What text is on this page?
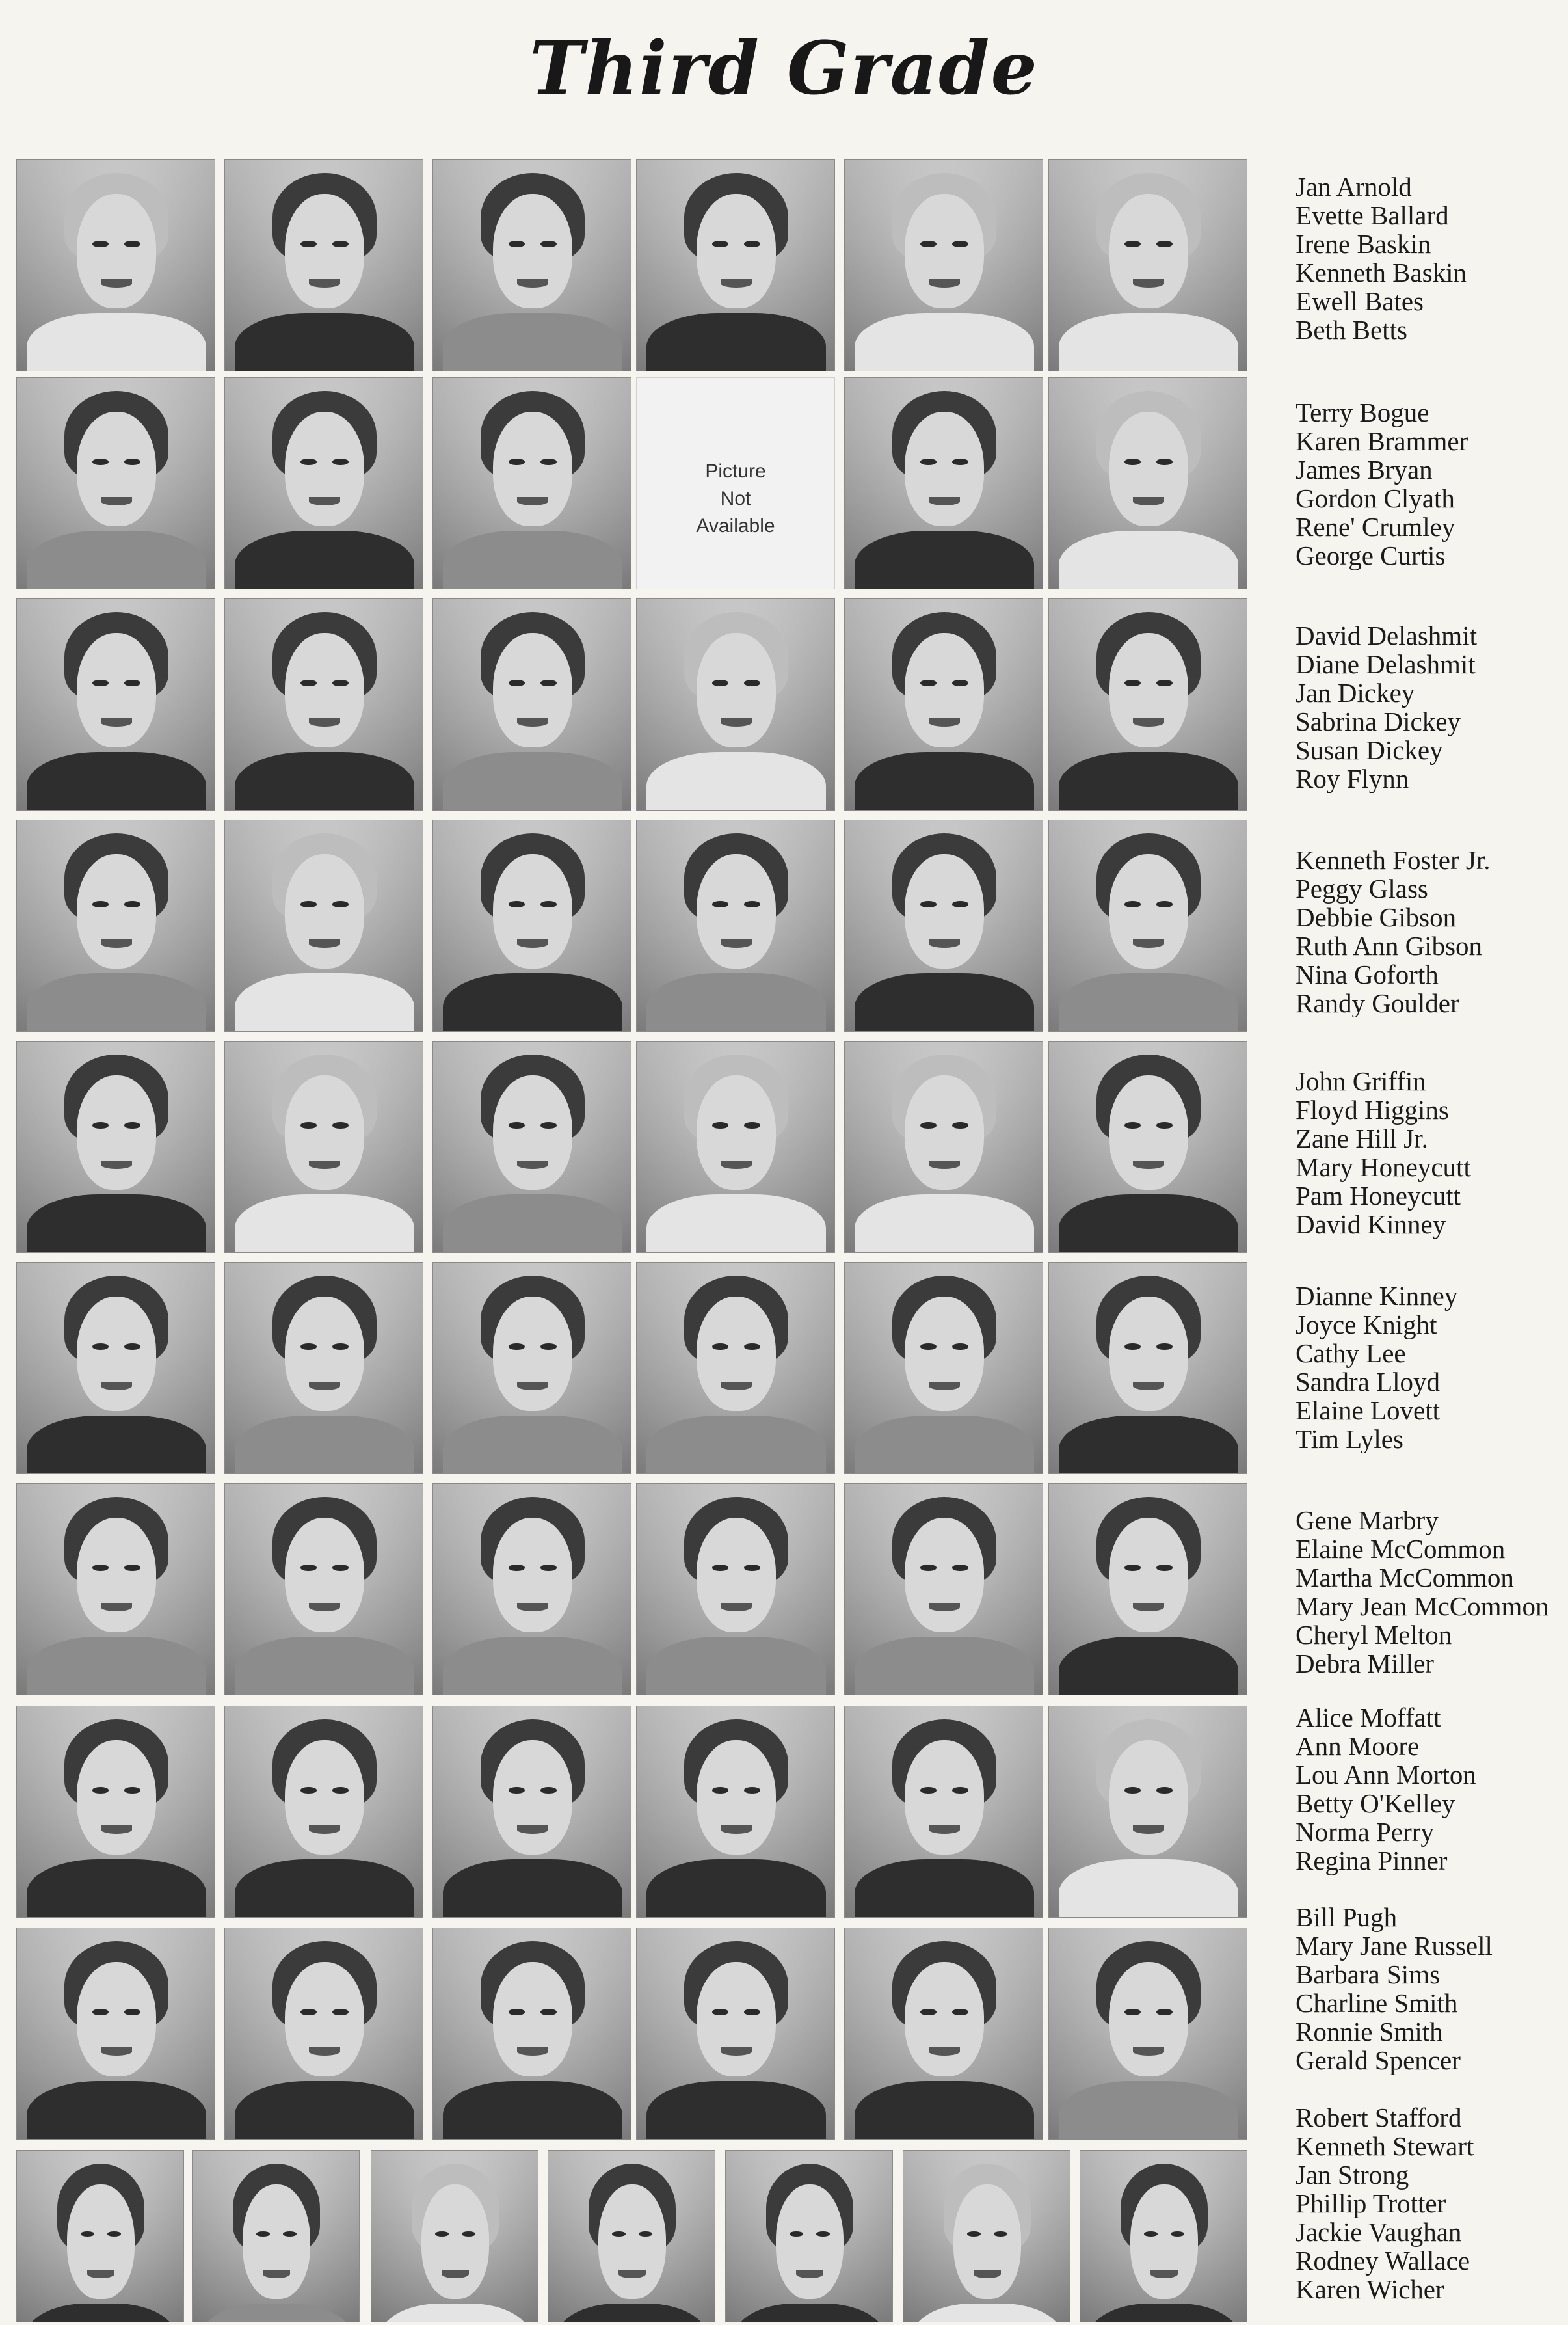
Third Grade
Picture
Not
Available
Jan Arnold
Evette Ballard
Irene Baskin
Kenneth Baskin
Ewell Bates
Beth Betts
Terry Bogue
Karen Brammer
James Bryan
Gordon Clyath
Rene' Crumley
George Curtis
David Delashmit
Diane Delashmit
Jan Dickey
Sabrina Dickey
Susan Dickey
Roy Flynn
Kenneth Foster Jr.
Peggy Glass
Debbie Gibson
Ruth Ann Gibson
Nina Goforth
Randy Goulder
John Griffin
Floyd Higgins
Zane Hill Jr.
Mary Honeycutt
Pam Honeycutt
David Kinney
Dianne Kinney
Joyce Knight
Cathy Lee
Sandra Lloyd
Elaine Lovett
Tim Lyles
Gene Marbry
Elaine McCommon
Martha McCommon
Mary Jean McCommon
Cheryl Melton
Debra Miller
Alice Moffatt
Ann Moore
Lou Ann Morton
Betty O'Kelley
Norma Perry
Regina Pinner
Bill Pugh
Mary Jane Russell
Barbara Sims
Charline Smith
Ronnie Smith
Gerald Spencer
Robert Stafford
Kenneth Stewart
Jan Strong
Phillip Trotter
Jackie Vaughan
Rodney Wallace
Karen Wicher
